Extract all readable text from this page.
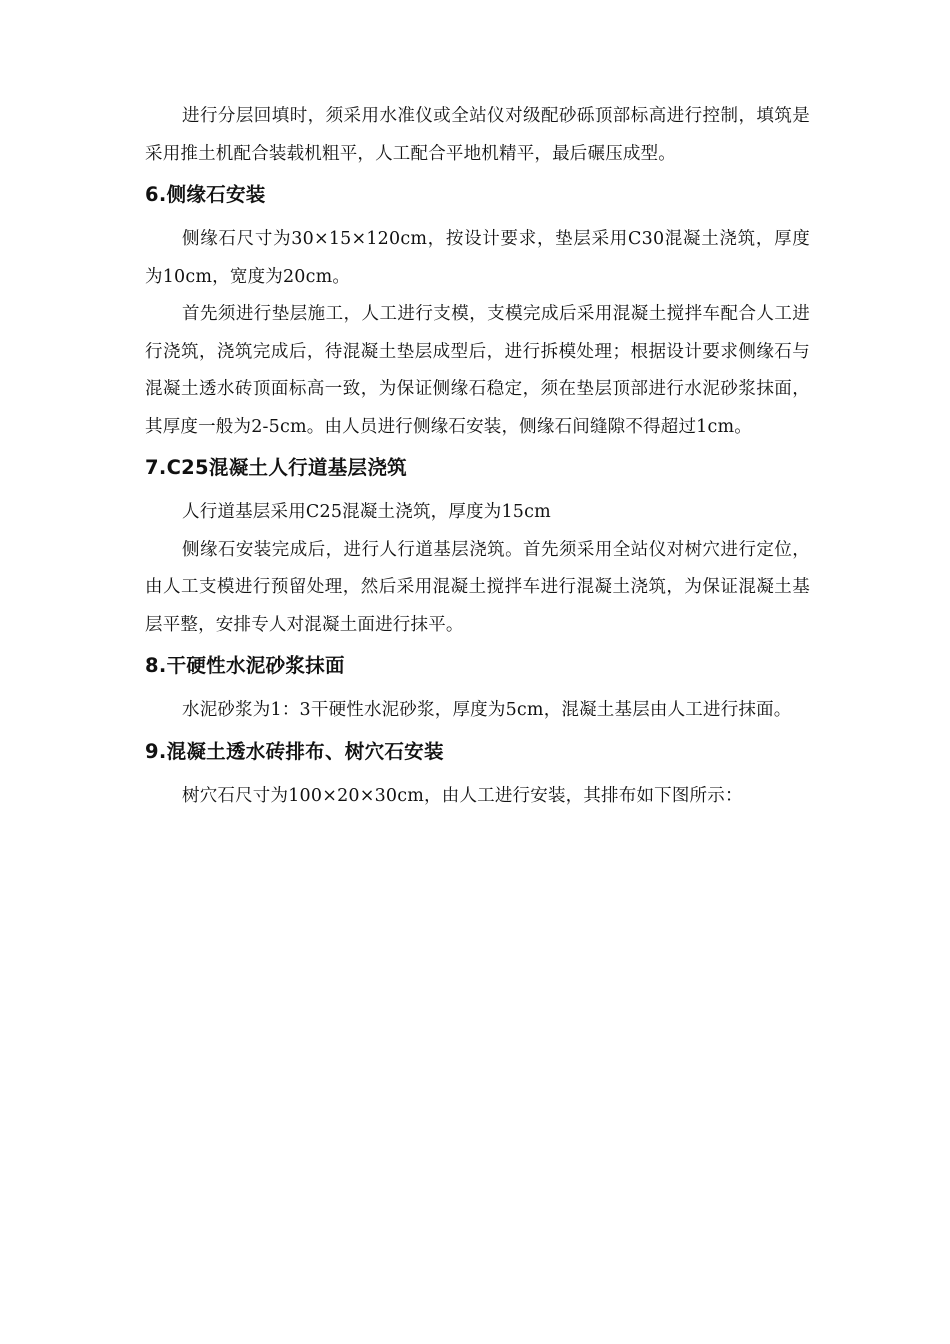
进行分层回填时，须采用水准仪或全站仪对级配砂砾顶部标高进行控制，填筑是采用推土机配合装载机粗平，人工配合平地机精平，最后碾压成型。

6.侧缘石安装

侧缘石尺寸为30×15×120cm，按设计要求，垫层采用C30混凝土浇筑，厚度为10cm，宽度为20cm。

首先须进行垫层施工，人工进行支模，支模完成后采用混凝土搅拌车配合人工进行浇筑，浇筑完成后，待混凝土垫层成型后，进行拆模处理；根据设计要求侧缘石与混凝土透水砖顶面标高一致，为保证侧缘石稳定，须在垫层顶部进行水泥砂浆抹面，其厚度一般为2-5cm。由人员进行侧缘石安装，侧缘石间缝隙不得超过1cm。

7.C25混凝土人行道基层浇筑

人行道基层采用C25混凝土浇筑，厚度为15cm

侧缘石安装完成后，进行人行道基层浇筑。首先须采用全站仪对树穴进行定位，由人工支模进行预留处理，然后采用混凝土搅拌车进行混凝土浇筑，为保证混凝土基层平整，安排专人对混凝土面进行抹平。

8.干硬性水泥砂浆抹面

水泥砂浆为1：3干硬性水泥砂浆，厚度为5cm，混凝土基层由人工进行抹面。

9.混凝土透水砖排布、树穴石安装

树穴石尺寸为100×20×30cm，由人工进行安装，其排布如下图所示：
